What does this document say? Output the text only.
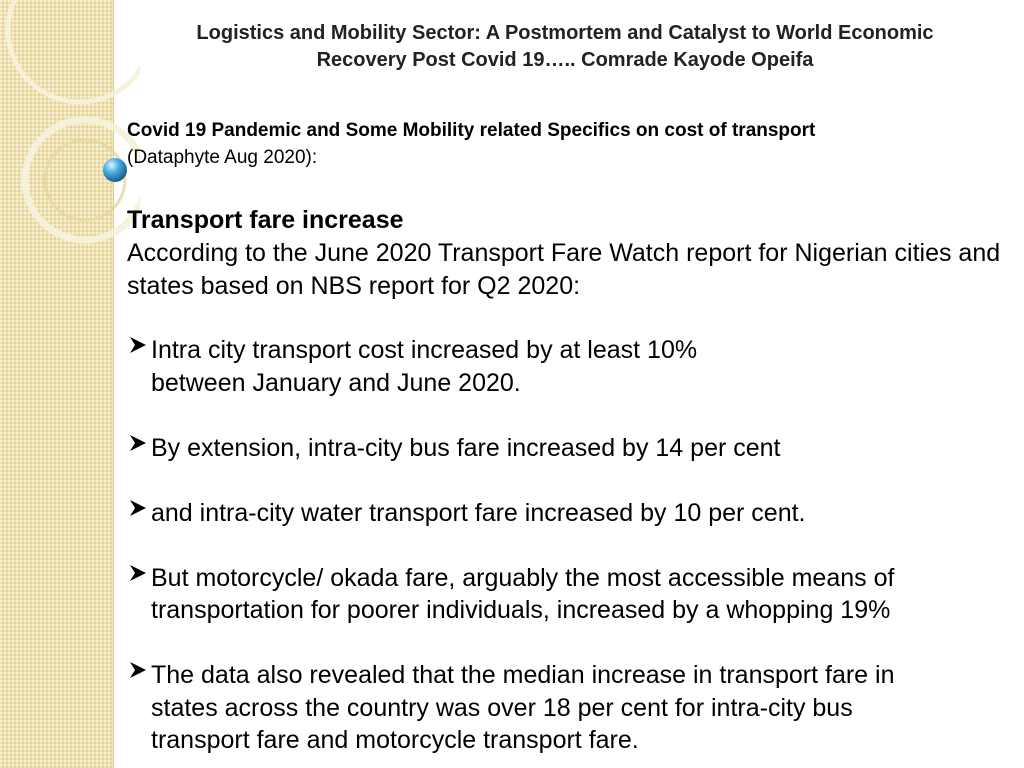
Logistics and Mobility Sector: A Postmortem and Catalyst to World Economic Recovery Post Covid 19….. Comrade Kayode Opeifa
Covid 19 Pandemic and Some Mobility related Specifics on cost of transport
(Dataphyte Aug 2020):
Transport fare increase
According to the June 2020 Transport Fare Watch report for Nigerian cities and states based on NBS report for Q2 2020:
Intra city transport cost increased by at least 10% between January and June 2020.
By extension, intra-city bus fare increased by 14 per cent
and intra-city water transport fare increased by 10 per cent.
But motorcycle/ okada fare, arguably the most accessible means of transportation for poorer individuals, increased by a whopping 19%
The data also revealed that the median increase in transport fare in states across the country was over 18 per cent for intra-city bus transport fare and motorcycle transport fare.
